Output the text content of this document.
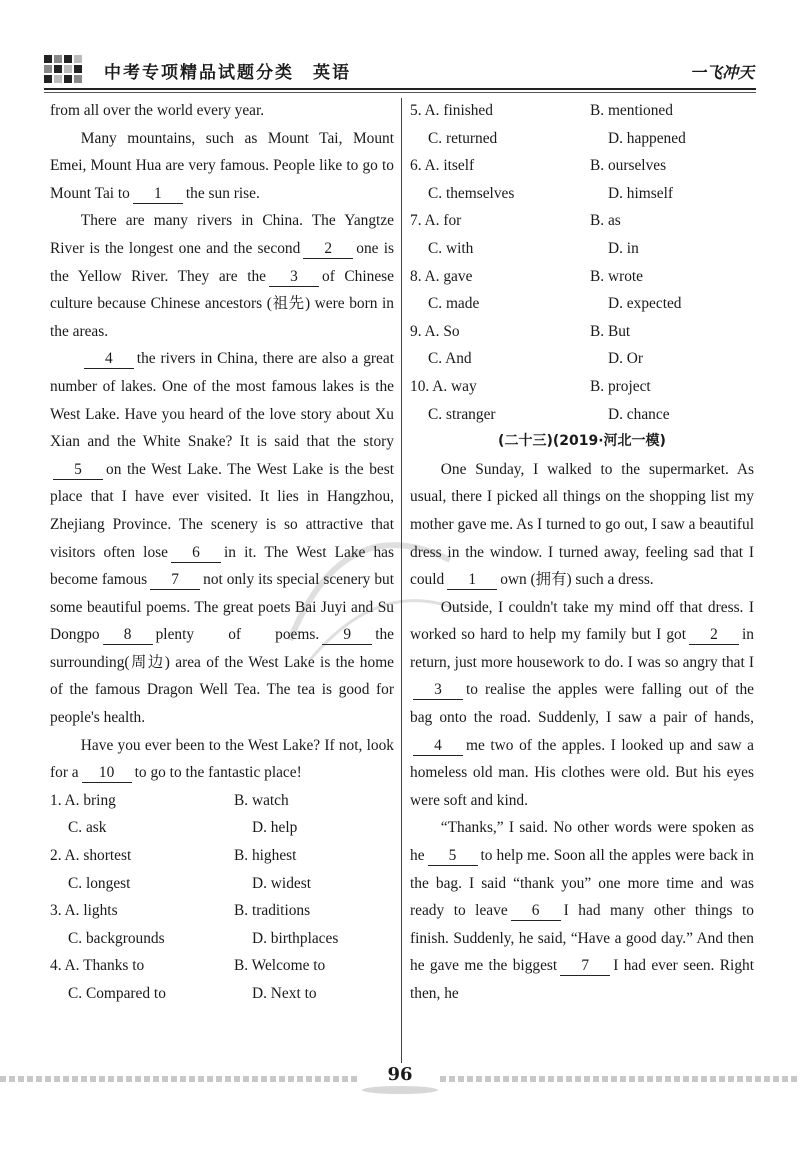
中考专项精品试题分类　英语	一飞冲天

from all over the world every year.

Many mountains, such as Mount Tai, Mount Emei, Mount Hua are very famous. People like to go to Mount Tai to 1 the sun rise.

There are many rivers in China. The Yangtze River is the longest one and the second 2 one is the Yellow River. They are the 3 of Chinese culture because Chinese ancestors (祖先) were born in the areas.

4 the rivers in China, there are also a great number of lakes. One of the most famous lakes is the West Lake. Have you heard of the love story about Xu Xian and the White Snake? It is said that the story5 on the West Lake. The West Lake is the best place that I have ever visited. It lies in Hangzhou, Zhejiang Province. The scenery is so attractive that visitors often lose 6 in it. The West Lake has become famous 7 not only its special scenery but some beautiful poems. The great poets Bai Juyi and Su Dongpo 8 plenty of poems. 9 the surrounding(周边) area of the West Lake is the home of the famous Dragon Well Tea. The tea is good for people's health.

Have you ever been to the West Lake? If not, look for a 10 to go to the fantastic place!

1. A. bring	B. watch
C. ask	D. help
2. A. shortest	B. highest
C. longest	D. widest
3. A. lights	B. traditions
C. backgrounds	D. birthplaces
4. A. Thanks to	B. Welcome to
C. Compared to	D. Next to
5. A. finished	B. mentioned
C. returned	D. happened
6. A. itself	B. ourselves
C. themselves	D. himself
7. A. for	B. as
C. with	D. in
8. A. gave	B. wrote
C. made	D. expected
9. A. So	B. But
C. And	D. Or
10. A. way	B. project
C. stranger	D. chance

(二十三)(2019·河北一模)

One Sunday, I walked to the supermarket. As usual, there I picked all things on the shopping list my mother gave me. As I turned to go out, I saw a beautiful dress in the window. I turned away, feeling sad that I could 1 own (拥有) such a dress.

Outside, I couldn't take my mind off that dress. I worked so hard to help my family but I got 2 in return, just more housework to do. I was so angry that I3 to realise the apples were falling out of the bag onto the road. Suddenly, I saw a pair of hands,4 me two of the apples. I looked up and saw a homeless old man. His clothes were old. But his eyes were soft and kind.

“Thanks,” I said. No other words were spoken as he 5 to help me. Soon all the apples were back in the bag. I said “thank you” one more time and was ready to leave 6 I had many other things to finish. Suddenly, he said, “Have a good day.” And then he gave me the biggest 7 I had ever seen. Right then, he

96
